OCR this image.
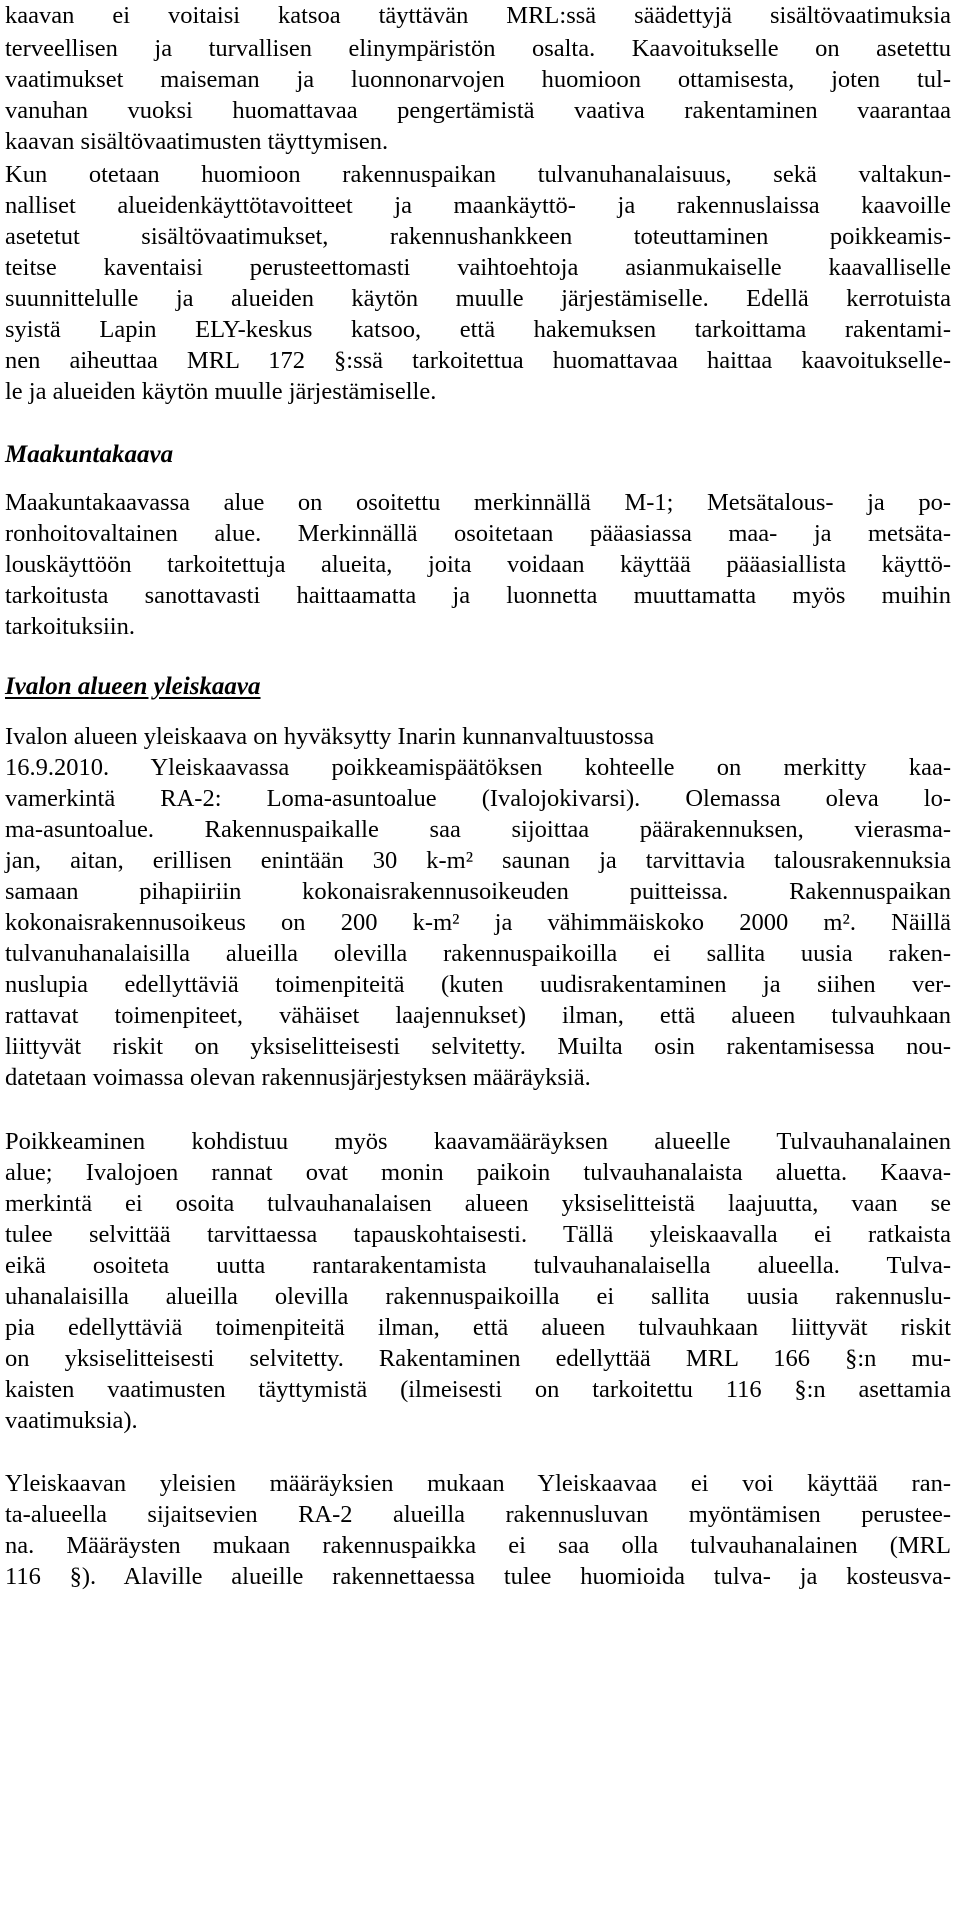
kaavan ei voitaisi katsoa täyttävän MRL:ssä säädettyjä sisältövaatimuksia
terveellisen ja turvallisen elinympäristön osalta. Kaavoitukselle on asetettu
vaatimukset maiseman ja luonnonarvojen huomioon ottamisesta, joten tul-
vanuhan vuoksi huomattavaa pengertämistä vaativa rakentaminen vaarantaa
kaavan sisältövaatimusten täyttymisen.
Kun otetaan huomioon rakennuspaikan tulvanuhanalaisuus, sekä valtakun-
nalliset alueidenkäyttötavoitteet ja maankäyttö- ja rakennuslaissa kaavoille
asetetut sisältövaatimukset, rakennushankkeen toteuttaminen poikkeamis-
teitse kaventaisi perusteettomasti vaihtoehtoja asianmukaiselle kaavalliselle
suunnittelulle ja alueiden käytön muulle järjestämiselle. Edellä kerrotuista
syistä Lapin ELY-keskus katsoo, että hakemuksen tarkoittama rakentami-
nen aiheuttaa MRL 172 §:ssä tarkoitettua huomattavaa haittaa kaavoitukselle-
le ja alueiden käytön muulle järjestämiselle.
Maakuntakaava
Maakuntakaavassa alue on osoitettu merkinnällä M-1; Metsätalous- ja po-
ronhoitovaltainen alue. Merkinnällä osoitetaan pääasiassa maa- ja metsäta-
louskäyttöön tarkoitettuja alueita, joita voidaan käyttää pääasiallista käyttö-
tarkoitusta sanottavasti haittaamatta ja luonnetta muuttamatta myös muihin
tarkoituksiin.
Ivalon alueen yleiskaava
Ivalon alueen yleiskaava on hyväksytty Inarin kunnanvaltuustossa
16.9.2010. Yleiskaavassa poikkeamispäätöksen kohteelle on merkitty kaa-
vamerkintä RA-2: Loma-asuntoalue (Ivalojokivarsi). Olemassa oleva lo-
ma-asuntoalue. Rakennuspaikalle saa sijoittaa päärakennuksen, vierasma-
jan, aitan, erillisen enintään 30 k-m² saunan ja tarvittavia talousrakennuksia
samaan pihapiiriin kokonaisrakennusoikeuden puitteissa. Rakennuspaikan
kokonaisrakennusoikeus on 200 k-m² ja vähimmäiskoko 2000 m². Näillä
tulvanuhanalaisilla alueilla olevilla rakennuspaikoilla ei sallita uusia raken-
nuslupia edellyttäviä toimenpiteitä (kuten uudisrakentaminen ja siihen ver-
rattavat toimenpiteet, vähäiset laajennukset) ilman, että alueen tulvauhkaan
liittyvät riskit on yksiselitteisesti selvitetty. Muilta osin rakentamisessa nou-
datetaan voimassa olevan rakennusjärjestyksen määräyksiä.
Poikkeaminen kohdistuu myös kaavamääräyksen alueelle Tulvauhanalainen
alue; Ivalojoen rannat ovat monin paikoin tulvauhanalaista aluetta. Kaava-
merkintä ei osoita tulvauhanalaisen alueen yksiselitteistä laajuutta, vaan se
tulee selvittää tarvittaessa tapauskohtaisesti. Tällä yleiskaavalla ei ratkaista
eikä osoiteta uutta rantarakentamista tulvauhanalaisella alueella. Tulva-
uhanalaisilla alueilla olevilla rakennuspaikoilla ei sallita uusia rakennuslu-
pia edellyttäviä toimenpiteitä ilman, että alueen tulvauhkaan liittyvät riskit
on yksiselitteisesti selvitetty. Rakentaminen edellyttää MRL 166 §:n mu-
kaisten vaatimusten täyttymistä (ilmeisesti on tarkoitettu 116 §:n asettamia
vaatimuksia).
Yleiskaavan yleisien määräyksien mukaan Yleiskaavaa ei voi käyttää ran-
ta-alueella sijaitsevien RA-2 alueilla rakennusluvan myöntämisen perustee-
na. Määräysten mukaan rakennuspaikka ei saa olla tulvauhanalainen (MRL
116 §). Alaville alueille rakennettaessa tulee huomioida tulva- ja kosteusva-
